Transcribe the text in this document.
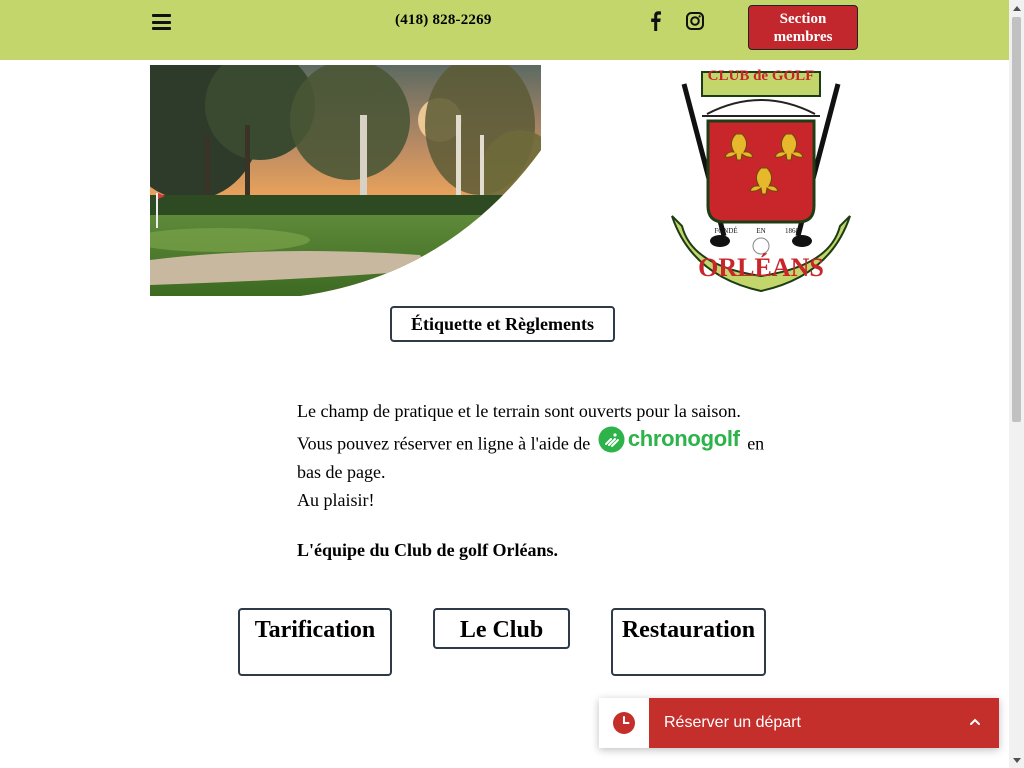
(418) 828-2269	Section membres
CLUB de GOLF
FONDÉ	EN	1868
ORLÉANS
Étiquette et Règlements

Le champ de pratique et le terrain sont ouverts pour la saison.

Vous pouvez réserver en ligne à l'aide de chronogolf en bas de page.

Au plaisir!

L'équipe du Club de golf Orléans.

Tarification	Le Club	Restauration
Réserver un départ
